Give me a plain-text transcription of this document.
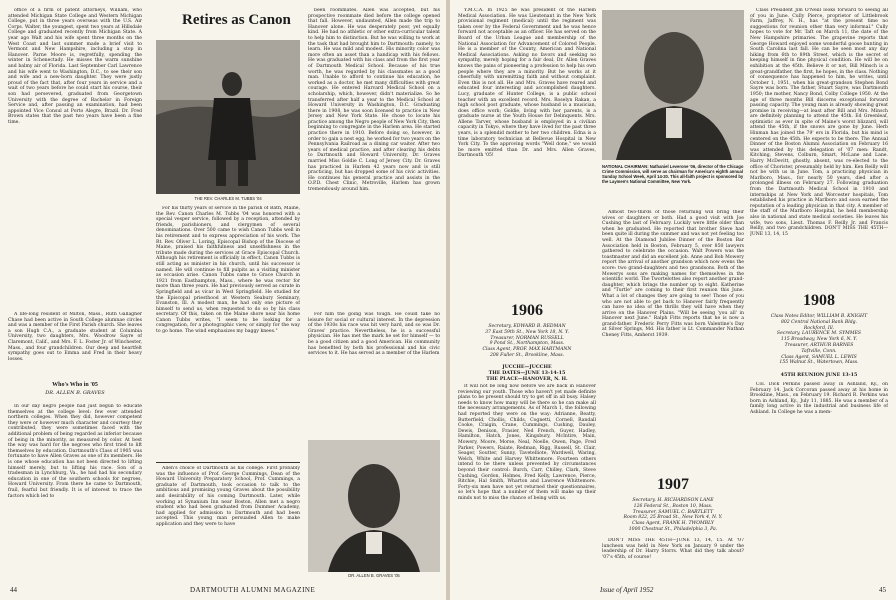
office of a firm of patent attorneys, William, who attended Michigan State College and Western Michigan College, put in three years overseas with the U.S. Air Corps. Walter, the youngest, spent two years at Hillsdale College and graduated recently from Michigan State. A year ago Walt and his wife spent three months on the West Coast and last summer made a brief visit to Vermont and New Hampshire, including a stop in Hanover. Parne Moore is, regretfully, spending the winter in Schenectady. He misses the warm sunshine and balmy air of Florida. Last September Carl Lawrence and his wife went to Washington, D.C., to see their son and wife and a new-born daughter. They were justly proud of the fact that, after four years in service and a wait of two years before he could start his course, their son had persevered, graduated from Georgetown University with the degree of Bachelor in Foreign Service and, after passing an examination, had been appointed Vice Consul at Porto Alegre, Brazil. Dr. Fred Brown states that the past two years have been a fine time.

A life-long resident of Milton, Mass., Ruth Gallagher Chase had been active in South College alumnae circles and was a member of the First Parish church. She leaves a son Hugh C.A., a graduate student at Columbia University, two daughters, Mrs. Woodrow Sayre of Claremont, Calif., and Mrs. F. L. Foster Jr. of Winchester, Mass., and four grandchildren. Our deep and heartfelt sympathy goes out to Emma and Fred in their heavy losses.

Who's Who in '05
DR. ALLEN B. GRAVES

In our day negro people had just begun to educate themselves at the college level: few ever attended northern colleges. When they did, however competent they were or however much character and courtesy they contributed, they were sometimes faced with the additional problem of being regarded as inferior because of being in the minority, as measured by color. At best the way was hard for the negroes who first tried to lift themselves by education. Dartmouth's Class of 1905 was fortunate to have Allen Graves as one of its members. He is one whose education has not been directed to lifting himself merely, but to lifting his race. Son of a tradesman in Lynchburg, Va., he had had his secondary education in one of the southern schools for negroes, Howard University. From there he came to Dartmouth, frail, fearful but friendly. It is of interest to trace the factors which led to

Retires as Canon
THE REV. CHARLES M. TUBBS '04

For his thirty years of service in the parish of Bath, Maine, the Rev. Canon Charles M. Tubbs '04 was honored with a special vesper service, followed by a reception, attended by friends, parishioners, and clergymen of several denominations. Over 500 came to wish Canon Tubbs well in his retirement and to express appreciation of his work. The Rt. Rev. Oliver L. Loring, Episcopal Bishop of the Diocese of Maine, praised his faithfulness and unselfishness in the tribute made during the services at Grace Episcopal Church. Although his retirement is officially in effect, Canon Tubbs is still acting as minister in his church, until his successor is named. He will continue to fill pulpits as a visiting minister as occasion arise. Canon Tubbs came to Grace Church in 1921 from Easthampton, Mass., where he was rector for more than three years. He had previously served as curate in Springfield and as vicar in West Springfield. He studied for the Episcopal priesthood at Western Seabury Seminary, Evanston, Ill. A modest man, he had only one picture of himself to send us, when requested to do so by his class secretary. Of this, taken on the Maine shore near his home Canon Tubbs writes, "I seem to be looking for a congregation, for a photographic view, or simply for the way to go home. The wind emphasizes my baggy knees."

Allen's choice of Dartmouth as his college. First probably was the influence of Prof. George Cummings, Dean of the Howard University Preparatory School, Prof. Cummings, a graduate of Dartmouth, took occasion to talk to the ambitious and promising young Graves about the possibility and desirability of his coming Dartmouth. Later, while working at Synanium Inn near Boston, Allen met a negro student who had been graduated from Dummer Academy, had applied for admission to Dartmouth and had been accepted. This young man persuaded Allen to make application and they were to have

been roommates. Allen was accepted, but his prospective roommate died before the college opened that fall. However, undaunted, Allen made the trip to Hanover alone. He was desperately poor, yet equally kind. He had no athletic or other extra-curricular talent to help him to distinction. But he was willing to work at the task that had brought him to Dartmouth: namely, to learn. He was mild and modest. His minority color was more often an asset than a handicap with his fellows. He was graduated with his class and from the first year of Dartmouth Medical School. Because of his true worth, he was regarded by his classmates as a good man. Unable to afford to continue his education, he worked as a doctor, he met many difficulties with great courage. He entered Harvard Medical School on a scholarship, which, however, didn't materialize. So he transferred after half a year to the Medical School at Howard University in Washington, D.C. Graduating there in 1908, he was soon licensed to practice in New Jersey and New York State. He chose to locate his practice among the Negro people of New York City, then beginning to congregate in the Harlem area. He started practice there in 1910. Before doing so, however, in order to gain a nest egg, he worked for two years on the Pennsylvania Railroad as a dining car waiter. After two years of medical practice, and after clearing his debts to Dartmouth and Howard University, Dr. Graves married Miss Goldie C. Long of Jersey City. Dr. Graves has practiced in Harlem 42 years now and is still practicing, but has dropped some of his civic activities. He continues his general practice and assists in the O.P.D. Chest Clinic, Metroville, Harlem has grown tremendously around him.

For him the going was tough. He could take no leisure for social or cultural interest. In the depression of the 1930s his race was hit very hard, and so was Dr. Graves' practice. Nevertheless, he is a successful physician. He has met the mark he set for himself — to be a good citizen and a good American. His community has benefited by both his professional and his civic services to it. He has served as a member of the Harlem

DR. ALLEN B. GRAVES '05
44	DARTMOUTH ALUMNI MAGAZINE

Y.M.C.A. In 1925 he was president of the Harlem Medical Association. He was Lieutenant in the New York provisional regiment (medical) until the regiment was taken over by the Federal Government and he was hence forward not acceptable as an officer. He has served on the Board of the Urban League and membership of the National Association for Advancement of Colored People. He is a member of the County, American and National Medical Associations. Asking no favors and seeking no sympathy, merely hoping for a fair deal, Dr. Allen Graves knows the pains of pioneering a profession to help his own people where they are a minority. But he works at it cheerfully with unremitting faith and without complaint. Even this is not all. He and Mrs. Graves have reared and educated four interesting and accomplished daughters. Lucy, graduate of Hunter College, is a public school teacher with an excellent record. Mrs. Roselyn Rakan, a high school post graduate, whose husband is a musician, does office work; Goldie, living with her parents, is a graduate nurse at the Youth House for Delinquents. Mrs. Allene Tarver, whose husband is employed in a civilian capacity in Tokyo, where they have lived for the past three years, is a splendid mother to her two children. Edna is a time laboratory technician at Bellevue Hospital in New York City. To the approving words "Well done," we would be more emitted than Dr. and Mrs. Allen Graves, Dartmouth '05!

1906
Secretary, EDWARD B. REDMAN
37 East 59th St., New York 18, N. Y.
Treasurer, NORMAN RUSSELL
9 Pond St., Northampton, Mass.
Class Agent, PROF. MAX HARTMANN
208 Fuller St., Brookline, Mass.
JUCCHE—JUCCHE
THE DATES—JUNE 13-14-15
THE PLACE—HANOVER, N. H.

It will not be long now before we are back in Hanover reviewing our youth. Those who haven't yet made definite plans to be present should try to get off in all busy. Halsey needs to know how many will be there so he can make all the necessary arrangements. As of March 1, the following had reported they were on the way: Adrianne, Beatty, Butterfield, Chollis, Childs, Cognetti, Cornell, Randall Cooke, Craigin, Crane, Cummings, Cushing, Dauley, Dewis, Denison, Frasier, Ned French, Guyer, Hadley, Hamilton, Hatch, Jones, Kingsbury, McIntire, Main, Mowery, Moore, Morse, Neal, Noelle, Owen, Page, Fred Parker, Powers, Raiate, Redman, Rigg, Russell, St. Clair, Seager, Soutter, Sunny, Tavetelliote, Wardwell, Waring, Welch, White and Harvey Whittemore. Fourteen others intend to be there unless prevented by circumstances beyond their control: Burch, Carr, Chilley, Clark, Steve Cushing, Gordon, Holmes, Fred Kelly, Lawrence, Pierce, Ritchie, Hal Smith, Wharton and Lawrence Whittemore. Forty-six men have not yet returned their questionnaires, so let's hope that a number of them will make up their minds not to miss the chance of being with us.

NATIONAL CHAIRMAN: Nathaniel Leverone '06, director of the Chicago Crime Commission, will serve as chairman for America's eighth annual Sunday School Week, April 14-20. This all-faith project is sponsored by the Laymen's National Committee, New York.

Almost two-thirds of those returning will bring their wives or daughters or both. Had a good visit with Joe Cushing the last of February. Luckily were little older than when he graduated. He reported that brother Steve had been quite ill during the summer and was not yet feeling too well. At the Diamond Jubilee Dinner of the Boston Bar Association held in Boston, February 5, over 850 lawyers gathered to celebrate the occasion. Walt Powers was the toastmaster and did an excellent job. Anne and Bob Mowery report the arrival of another grandson which now evens the score: two grand-daughters and two grandsons. Both of the Mowerys sons are making names for themselves in the scientific world. The Twortelottes also report another grand-daughter, which brings the number up to eight. Katherine and "Turtle" are coming to their first reunion this June. What a lot of changes they are going to see! Those of you who are not able to get back to Hanover fairly frequently can have no idea of the thrills they will have when they arrive on the Hanover Plains. "Will be seeing 'you all' in Hanover next June." Ralph Fitts reports that he is now a grand-father. Frederic Perry Fitts was born Valentine's Day at Silver Springs, Md. His father is Lt. Commander Nathan Cheney Fitts, Amherst 1939.

1907
Secretary, H. RICHARDSON LANE
126 Federal St., Boston 10, Mass.
Treasurer, SAMUEL C. BARTLETT
Room 822, 25 Broad St., New York 4, N. Y.
Class Agent, FRANK H. TWOMBLY
1000 Chestnut St., Philadelphia 3, Pa.

DON'T MISS THE 45TH—JUNE 13, 14, 15. At '07 luncheon was held in New York on January 9 under the leadership of Dr. Harry Storrs. What did they talk about? '07's 45th, of course!

Class President Jim O'Neill looks forward to seeing all of you in June. Cully Pierce, proprietor of Littlebrook Farm, Jaffrey, N. H., has "at the present time no suggestions for reunion other than very informal." Cully hopes to vote for Mr. Taft on March 11, the date of the New Hampshire primaries. The grapevine reports that George Howard enjoyed some wonderful goose hunting in South Carolina last fall. He can be seen most any day hiking from 6th to 89th Street, which is the secret of keeping himself in fine physical condition. He will be on exhibition at the 45th. Believe it or not, Bill Minsch is a great-grandfather, the first, he hopes, in the class. Nothing of consequence has happened to him, he writes, until October 1, 1951, when his great-grandson Stephen Bond Sayre was born. The father, Stuart Sayre, was Dartmouth 1950; the mother, Nancy Bond, Colby College 1950. At the age of three months Bill discerns exceptional forward passing capacity. The young man is already showing great promise in receiving—at least after Bill and Mrs. Minsch are definitely planning to attend the 45th. Ed Greenleaf, optimistic as ever in spite of Maine's worst blizzard, will attend the 45th, if the snows are gone by June. Herb Hinman has joined the 79' ers in Florida, but his mind is centered on the 45th. He expects to be there. The Annual Dinner of the Boston Alumni Association on February 16 was attended by this delegation of '07 men: Randt, Kitching, Stevens, Colburn, Smart, McLane and Lane. Harry McDevitt, ghostly, absent, was re-elected to the office of Chorister, presumably held by him. Ken Reilly will not be with us in June. Tom, a practicing physician in Marlboro, Mass., for nearly 50 years, died after a prolonged illness on February 27. Following graduation from the Dartmouth Medical School in 1910 and internships at New York and Worcester hospitals, Tom established his practice in Marlboro and soon earned the reputation of a leading physician in that city. A member of the staff of the Marlboro Hospital, he held membership also in national and state medical societies. He leaves his wife, two sons, Lieut. Thomas F. Reilly Jr. and Francis Reilly, and two grandchildren. DON'T MISS THE 45TH—JUNE 13, 14, 15

1908
Class Notes Editor, WILLIAM B. KNIGHT
802 Central National Bank Bldg.
Rockford, Ill.
Secretary, LAURENCE M. SYMMES
115 Broadway, New York 6, N. Y.
Treasurer, ARTHUR BARNES
Taftville, Conn.
Class Agent, SAMUEL L. LEWIS
155 Walnut St., Watertown, Mass.
45TH REUNION JUNE 13-15

Col. Dick Perkins passed away in Ashland, Ky., on February 14. Jack Corcoran passed away at his home in Brookline, Mass., on February 19. Richard R. Perkins was born in Ashland, Ky., July 11, 1885. He was a member of a family long active in the industrial and business life of Ashland. In College he was a mem-

Issue of April 1952	45
